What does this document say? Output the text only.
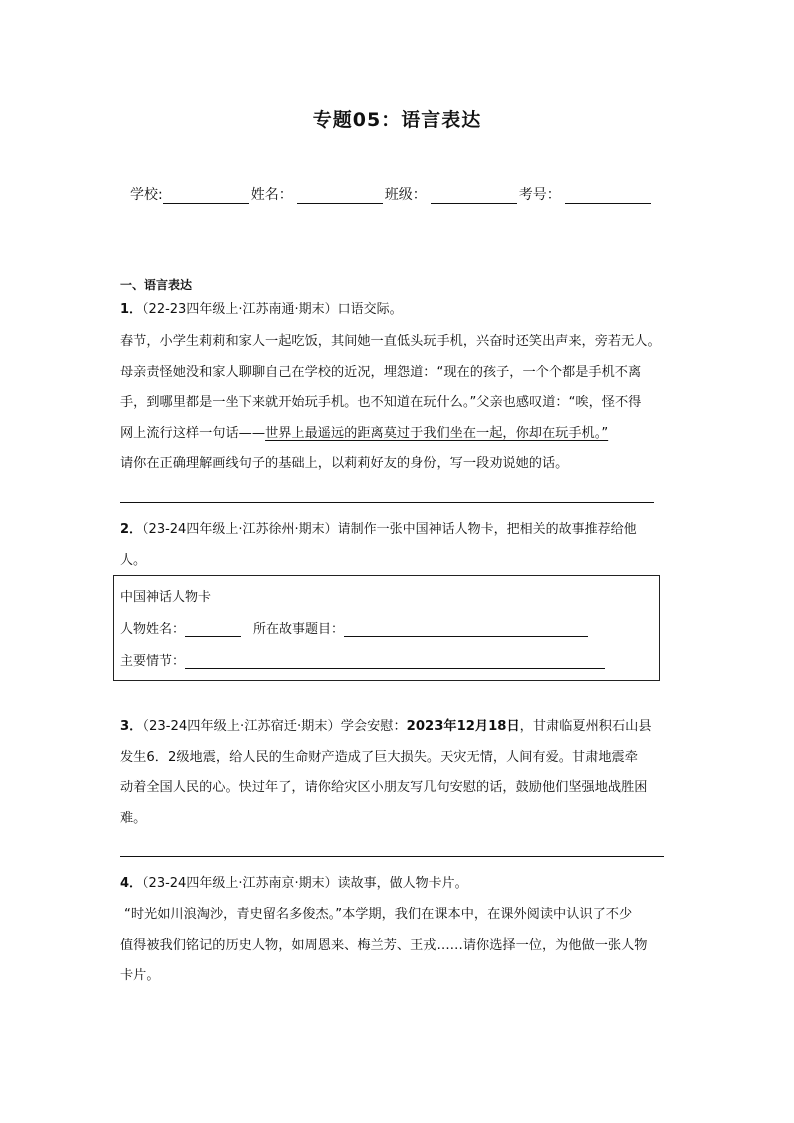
专题05：语言表达
学校:	姓名：	班级：	考号：
一、语言表达
1．（22-23四年级上·江苏南通·期末）口语交际。
春节，小学生莉莉和家人一起吃饭，其间她一直低头玩手机，兴奋时还笑出声来，旁若无人。
母亲责怪她没和家人聊聊自己在学校的近况，埋怨道：“现在的孩子，一个个都是手机不离
手，到哪里都是一坐下来就开始玩手机。也不知道在玩什么。”父亲也感叹道：“唉，怪不得
网上流行这样一句话——世界上最遥远的距离莫过于我们坐在一起，你却在玩手机。”
请你在正确理解画线句子的基础上，以莉莉好友的身份，写一段劝说她的话。
2．（23-24四年级上·江苏徐州·期末）请制作一张中国神话人物卡，把相关的故事推荐给他
人。
中国神话人物卡
人物姓名：	所在故事题目：
主要情节：
3．（23-24四年级上·江苏宿迁·期末）学会安慰：2023年12月18日，甘肃临夏州积石山县
发生6．2级地震，给人民的生命财产造成了巨大损失。天灾无情，人间有爱。甘肃地震牵
动着全国人民的心。快过年了，请你给灾区小朋友写几句安慰的话，鼓励他们坚强地战胜困
难。
4．（23-24四年级上·江苏南京·期末）读故事，做人物卡片。
“时光如川浪淘沙，青史留名多俊杰。”本学期，我们在课本中，在课外阅读中认识了不少
值得被我们铭记的历史人物，如周恩来、梅兰芳、王戎……请你选择一位，为他做一张人物
卡片。
